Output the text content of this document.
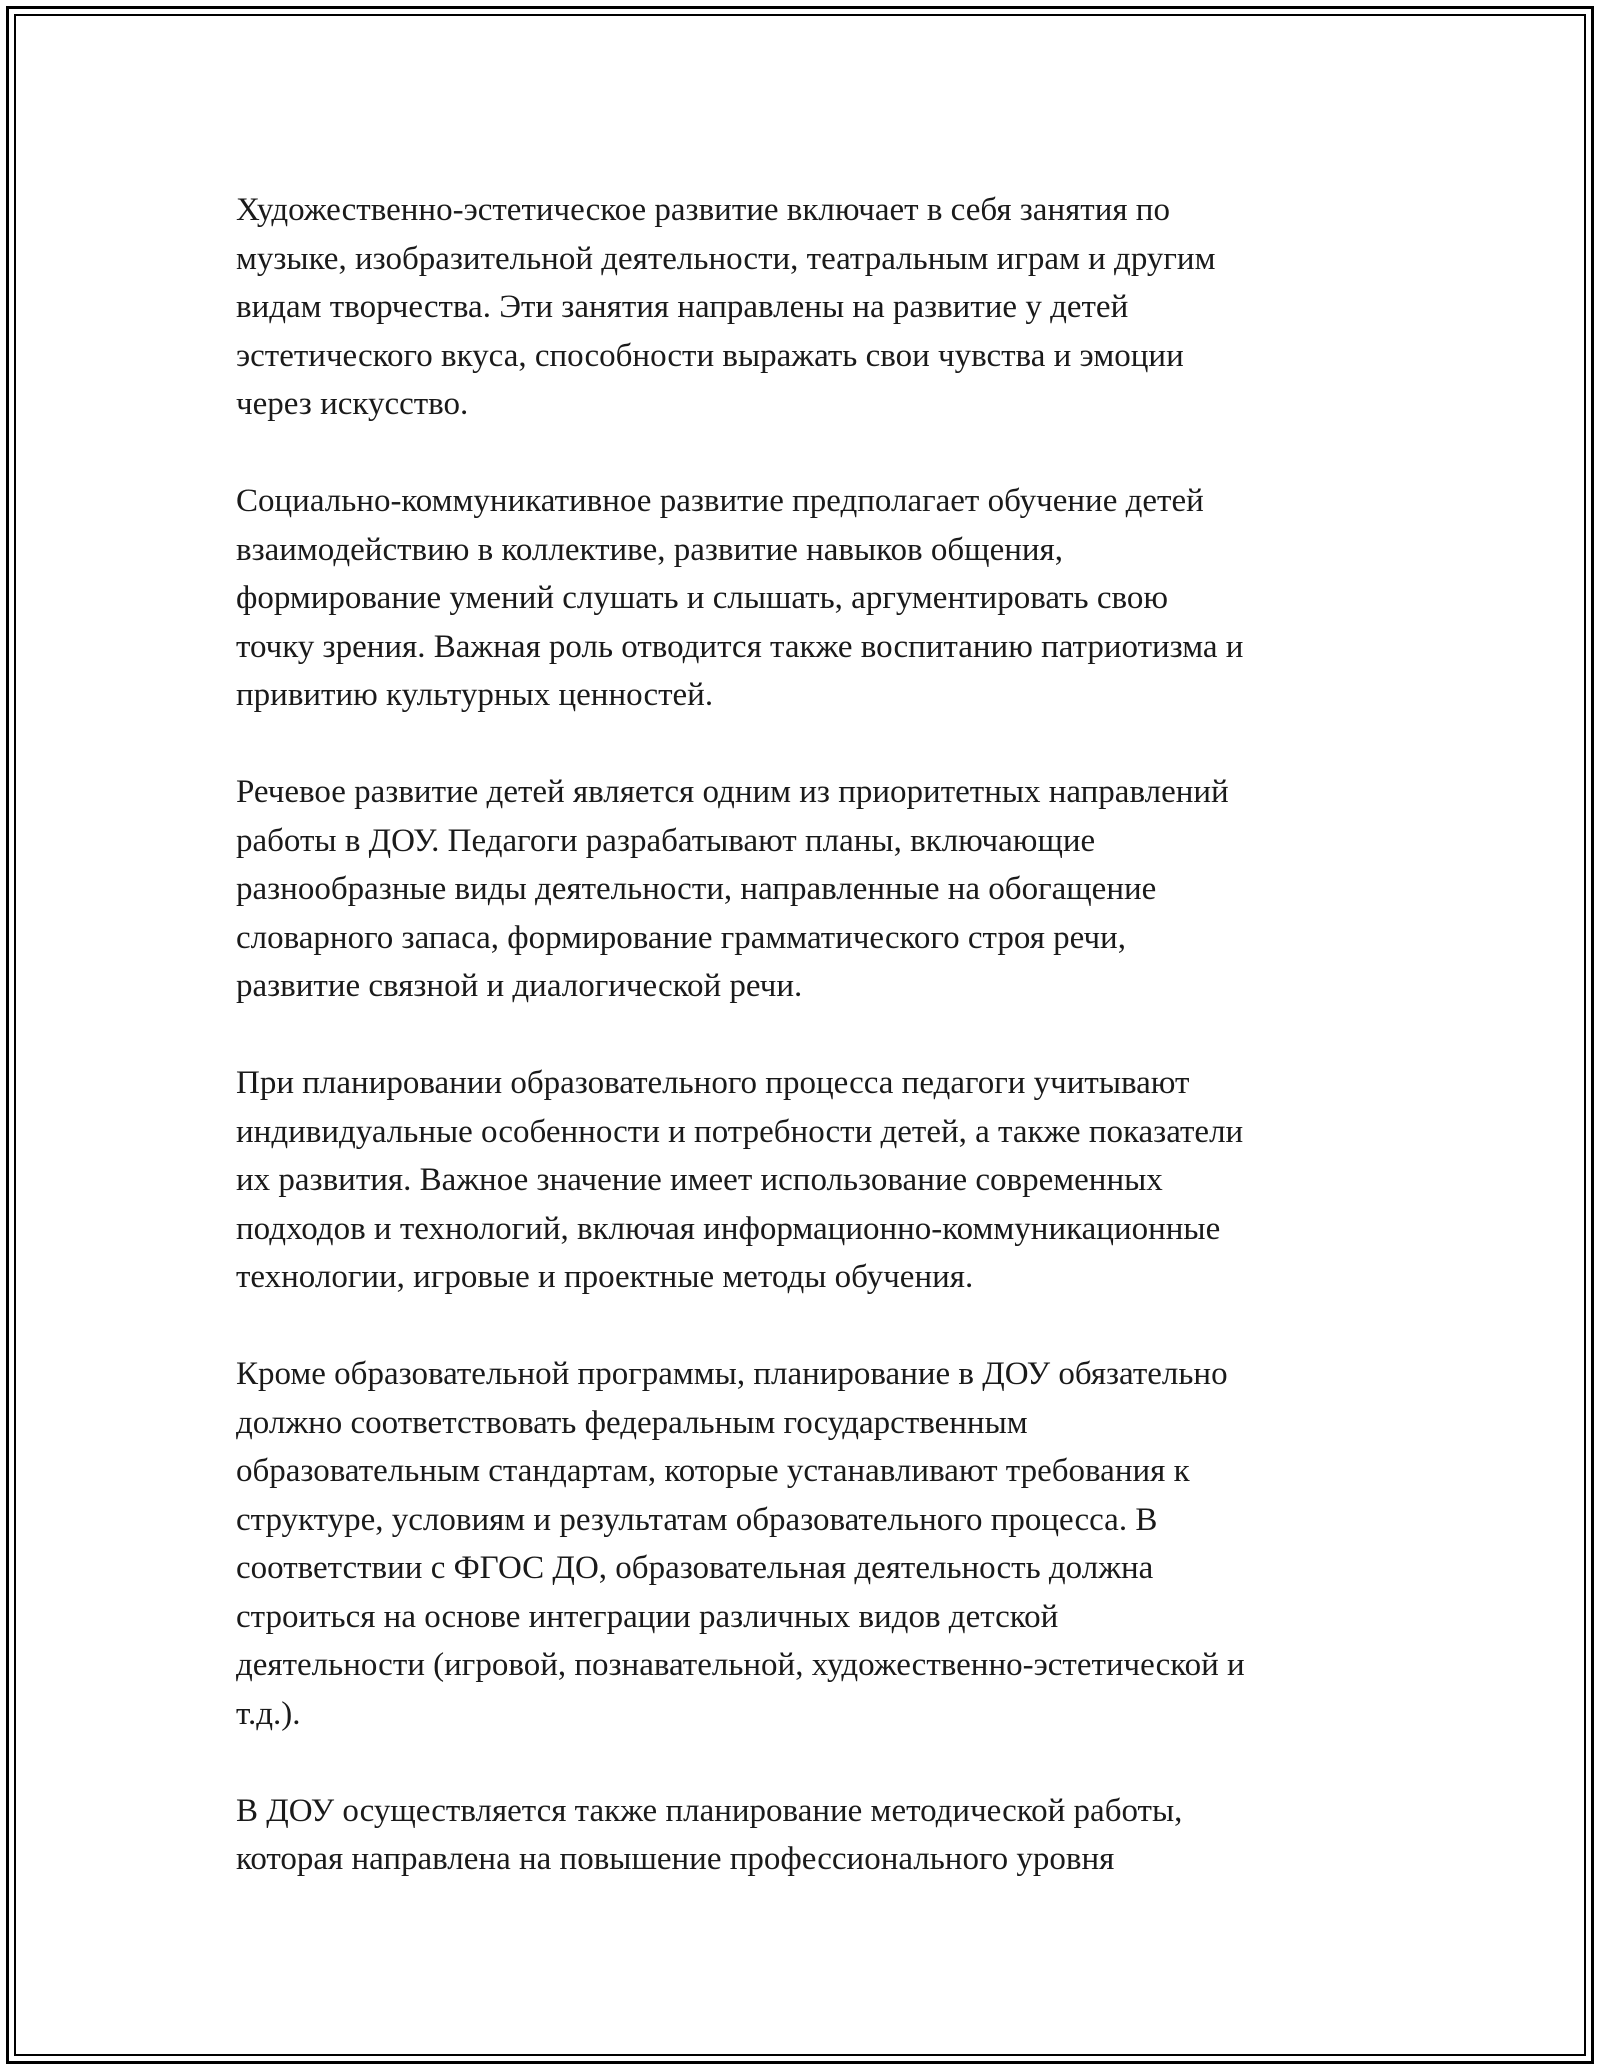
Художественно-эстетическое развитие включает в себя занятия по
музыке, изобразительной деятельности, театральным играм и другим
видам творчества. Эти занятия направлены на развитие у детей
эстетического вкуса, способности выражать свои чувства и эмоции
через искусство.

Социально-коммуникативное развитие предполагает обучение детей
взаимодействию в коллективе, развитие навыков общения,
формирование умений слушать и слышать, аргументировать свою
точку зрения. Важная роль отводится также воспитанию патриотизма и
привитию культурных ценностей.

Речевое развитие детей является одним из приоритетных направлений
работы в ДОУ. Педагоги разрабатывают планы, включающие
разнообразные виды деятельности, направленные на обогащение
словарного запаса, формирование грамматического строя речи,
развитие связной и диалогической речи.

При планировании образовательного процесса педагоги учитывают
индивидуальные особенности и потребности детей, а также показатели
их развития. Важное значение имеет использование современных
подходов и технологий, включая информационно-коммуникационные
технологии, игровые и проектные методы обучения.

Кроме образовательной программы, планирование в ДОУ обязательно
должно соответствовать федеральным государственным
образовательным стандартам, которые устанавливают требования к
структуре, условиям и результатам образовательного процесса. В
соответствии с ФГОС ДО, образовательная деятельность должна
строиться на основе интеграции различных видов детской
деятельности (игровой, познавательной, художественно-эстетической и
т.д.).

В ДОУ осуществляется также планирование методической работы,
которая направлена на повышение профессионального уровня
